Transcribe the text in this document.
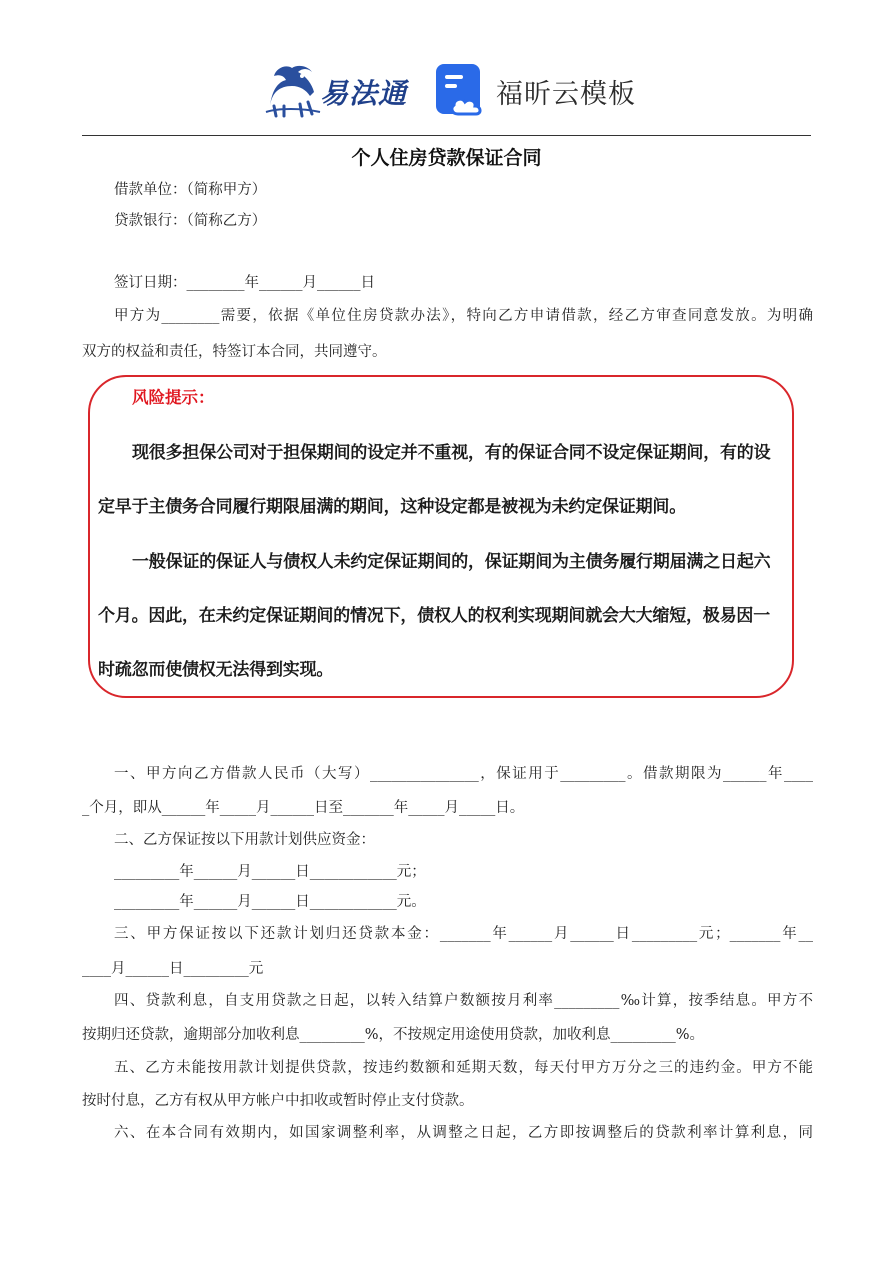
易法通	福昕云模板
个人住房贷款保证合同
借款单位：（简称甲方）
贷款银行：（简称乙方）
签订日期：________年______月______日
甲方为________需要，依据《单位住房贷款办法》，特向乙方申请借款，经乙方审查同意发放。为明确
双方的权益和责任，特签订本合同，共同遵守。
风险提示：
现很多担保公司对于担保期间的设定并不重视，有的保证合同不设定保证期间，有的设
定早于主债务合同履行期限届满的期间，这种设定都是被视为未约定保证期间。
一般保证的保证人与债权人未约定保证期间的，保证期间为主债务履行期届满之日起六
个月。因此，在未约定保证期间的情况下，债权人的权利实现期间就会大大缩短，极易因一
时疏忽而使债权无法得到实现。
一、甲方向乙方借款人民币（大写）_______________，保证用于_________。借款期限为______年____
_个月，即从______年_____月______日至_______年_____月_____日。
二、乙方保证按以下用款计划供应资金：
_________年______月______日____________元；
_________年______月______日____________元。
三、甲方保证按以下还款计划归还贷款本金：_______年______月______日_________元；_______年__
____月______日_________元
四、贷款利息，自支用贷款之日起，以转入结算户数额按月利率_________‰计算，按季结息。甲方不
按期归还贷款，逾期部分加收利息_________%，不按规定用途使用贷款，加收利息_________%。
五、乙方未能按用款计划提供贷款，按违约数额和延期天数，每天付甲方万分之三的违约金。甲方不能
按时付息，乙方有权从甲方帐户中扣收或暂时停止支付贷款。
六、在本合同有效期内，如国家调整利率，从调整之日起，乙方即按调整后的贷款利率计算利息，同
